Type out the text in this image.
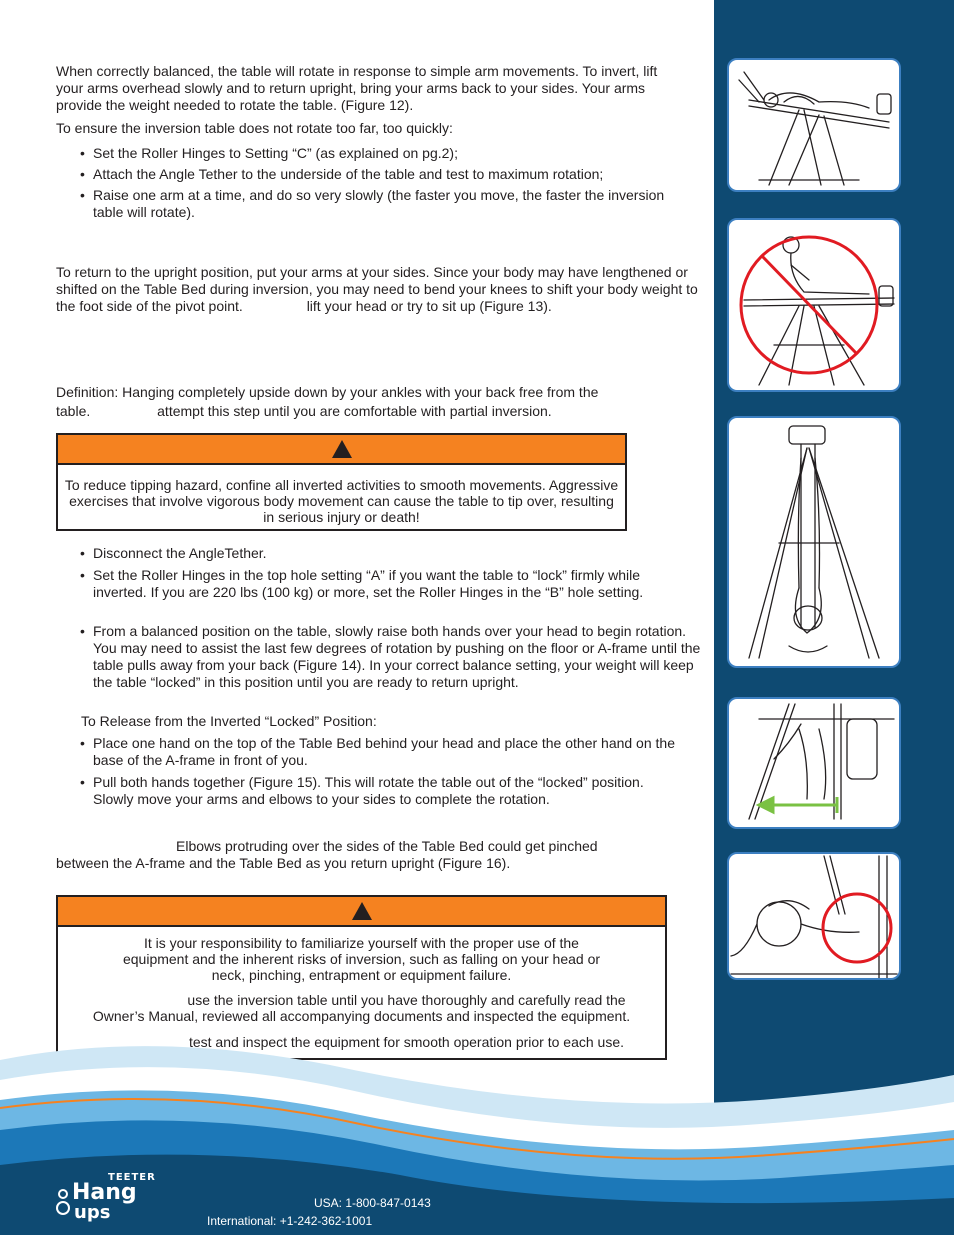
When correctly balanced, the table will rotate in response to simple arm movements. To invert, lift your arms overhead slowly and to return upright, bring your arms back to your sides. Your arms provide the weight needed to rotate the table. (Figure 12).

To ensure the inversion table does not rotate too far, too quickly:

• Set the Roller Hinges to Setting “C” (as explained on pg.2);

• Attach the Angle Tether to the underside of the table and test to maximum rotation;

• Raise one arm at a time, and do so very slowly (the faster you move, the faster the inversion table will rotate).

To return to the upright position, put your arms at your sides. Since your body may have lengthened or shifted on the Table Bed during inversion, you may need to bend your knees to shift your body weight to the foot side of the pivot point.	lift your head or try to sit up (Figure 13).

Definition: Hanging completely upside down by your ankles with your back free from the

table.	attempt this step until you are comfortable with partial inversion.

To reduce tipping hazard, confine all inverted activities to smooth movements. Aggressive exercises that involve vigorous body movement can cause the table to tip over, resulting in serious injury or death!

• Disconnect the AngleTether.

• Set the Roller Hinges in the top hole setting “A” if you want the table to “lock” firmly while inverted. If you are 220 lbs (100 kg) or more, set the Roller Hinges in the “B” hole setting.

• From a balanced position on the table, slowly raise both hands over your head to begin rotation. You may need to assist the last few degrees of rotation by pushing on the floor or A-frame until the table pulls away from your back (Figure 14). In your correct balance setting, your weight will keep the table “locked” in this position until you are ready to return upright.

To Release from the Inverted “Locked” Position:

• Place one hand on the top of the Table Bed behind your head and place the other hand on the base of the A-frame in front of you.

• Pull both hands together (Figure 15). This will rotate the table out of the “locked” position. Slowly move your arms and elbows to your sides to complete the rotation.

Elbows protruding over the sides of the Table Bed could get pinched

between the A-frame and the Table Bed as you return upright (Figure 16).

It is your responsibility to familiarize yourself with the proper use of the equipment and the inherent risks of inversion, such as falling on your head or neck, pinching, entrapment or equipment failure.

use the inversion table until you have thoroughly and carefully read the
Owner’s Manual, reviewed all accompanying documents and inspected the equipment.

test and inspect the equipment for smooth operation prior to each use.

TEETER
Hang
ups	USA: 1-800-847-0143

International: +1-242-362-1001
